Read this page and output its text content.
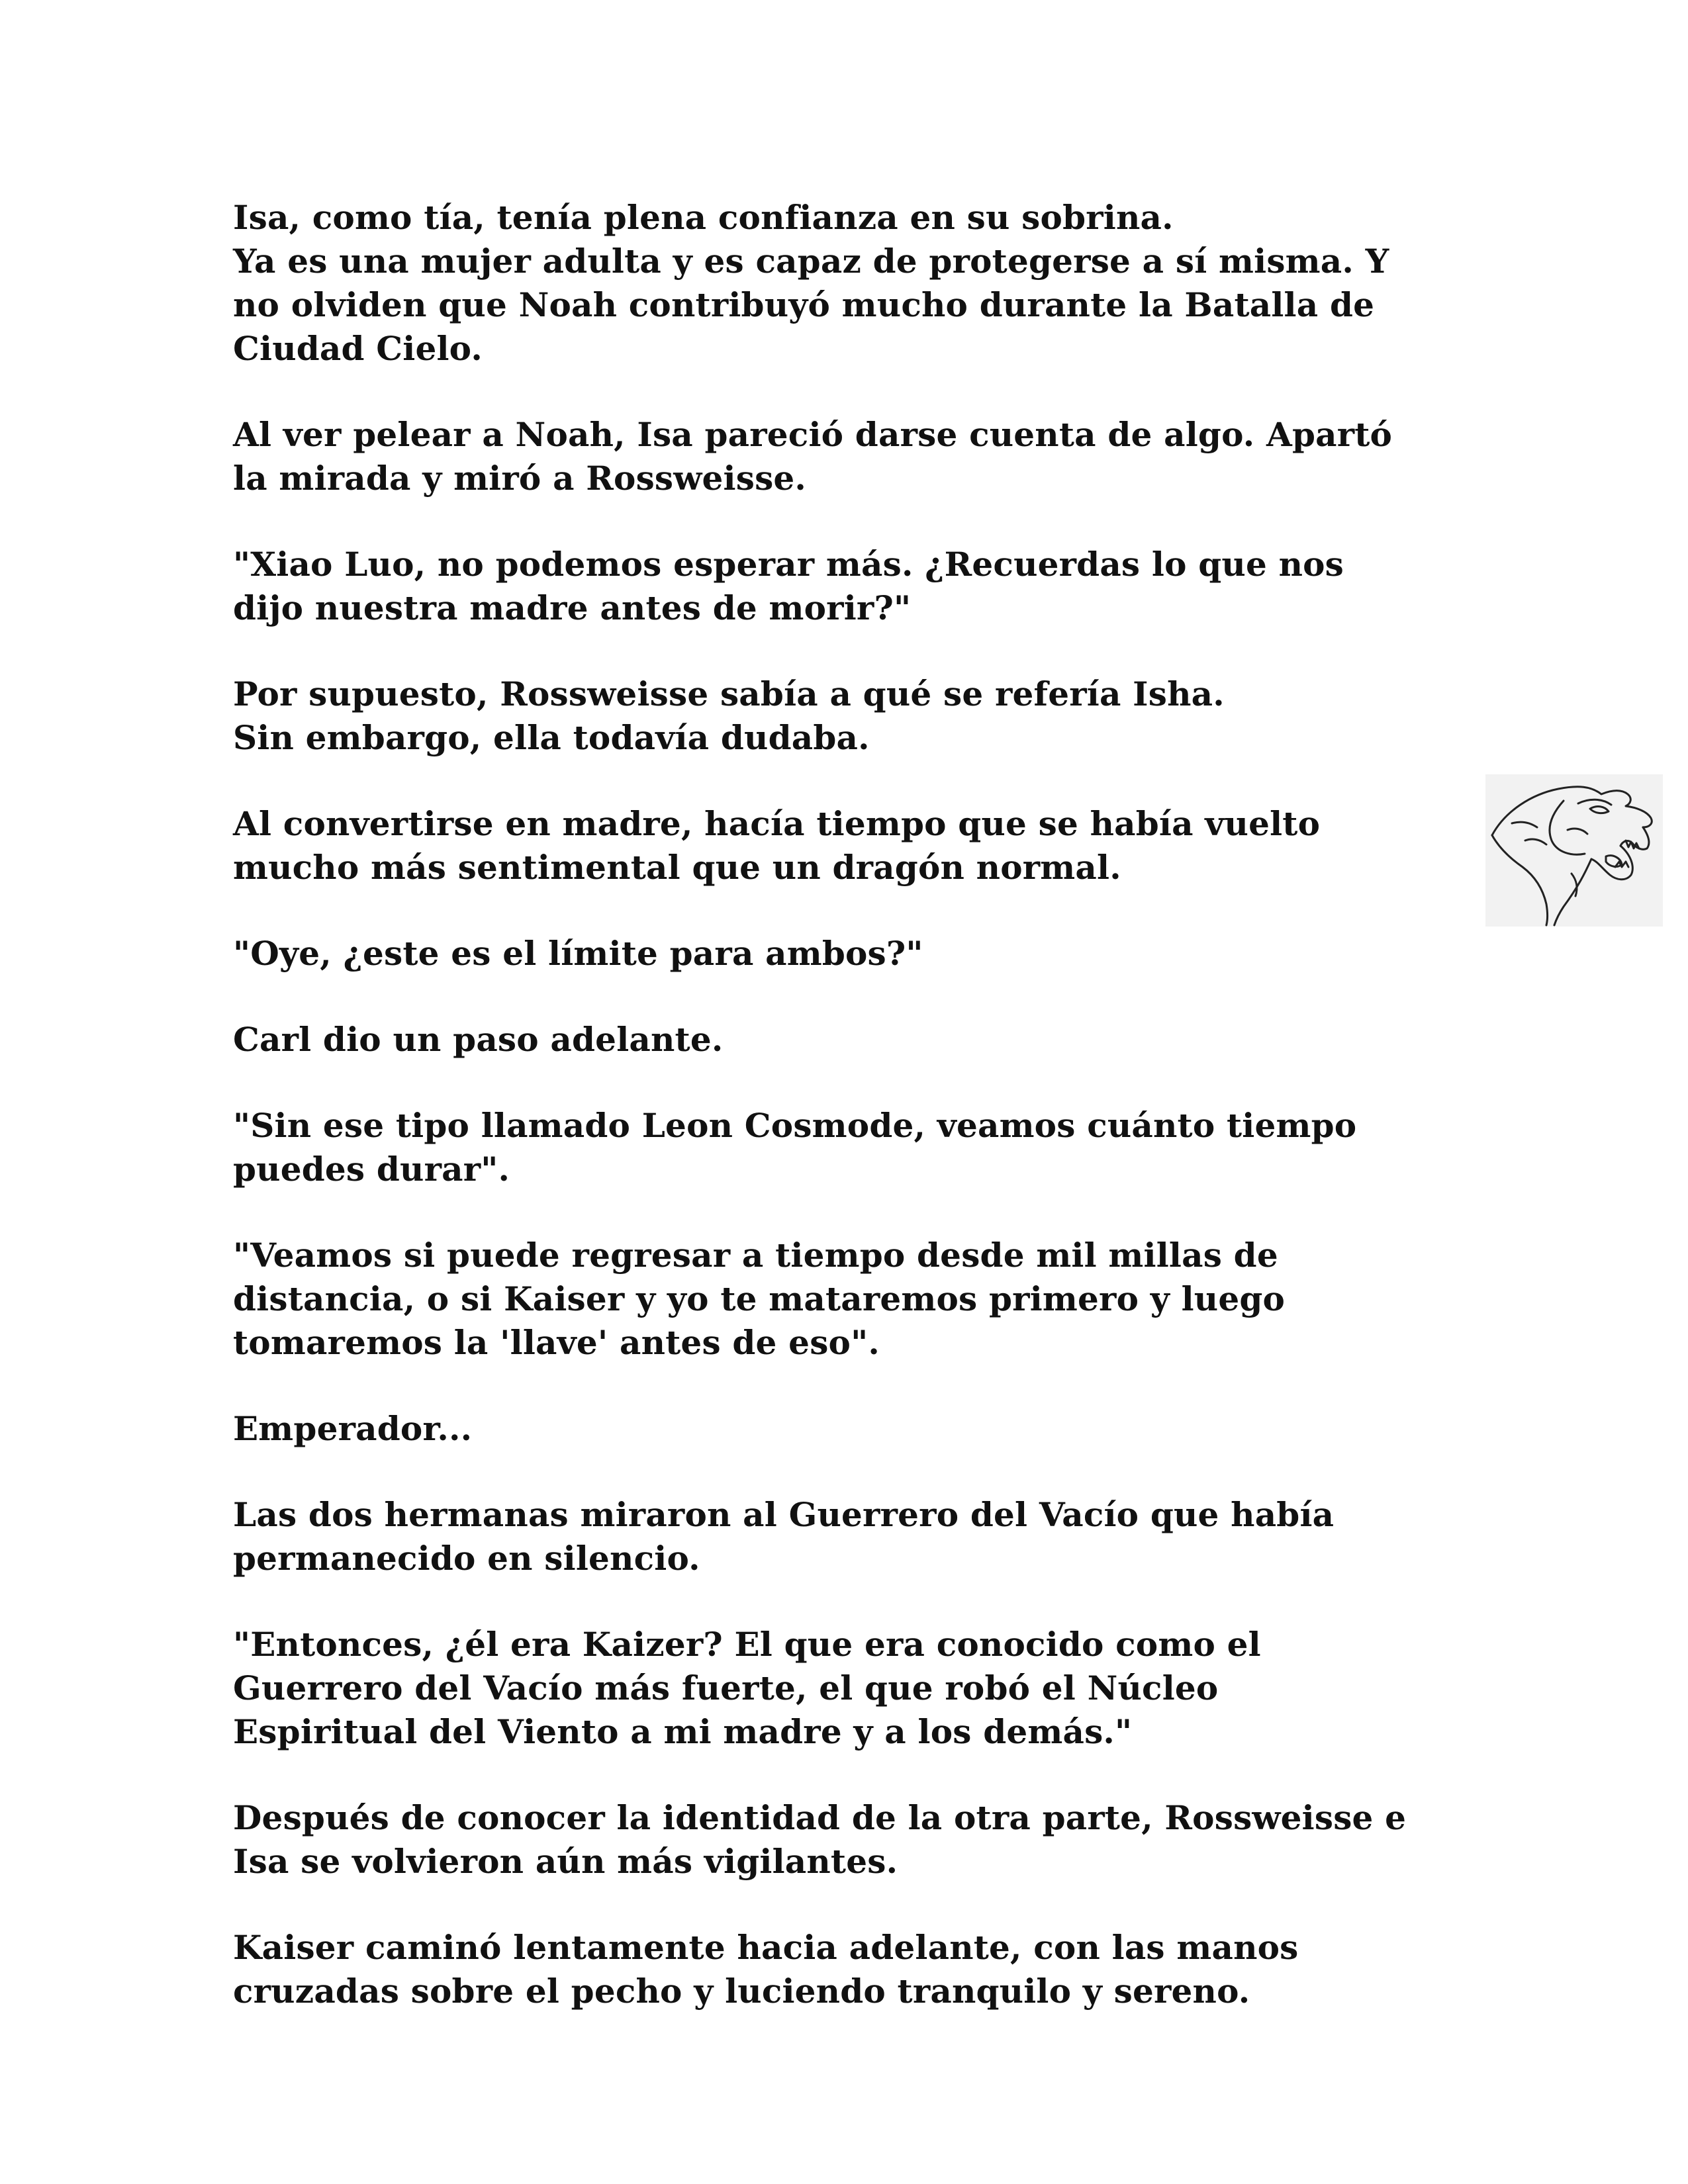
Isa, como tía, tenía plena confianza en su sobrina.
Ya es una mujer adulta y es capaz de protegerse a sí misma. Y
no olviden que Noah contribuyó mucho durante la Batalla de
Ciudad Cielo.

Al ver pelear a Noah, Isa pareció darse cuenta de algo. Apartó
la mirada y miró a Rossweisse.

"Xiao Luo, no podemos esperar más. ¿Recuerdas lo que nos
dijo nuestra madre antes de morir?"

Por supuesto, Rossweisse sabía a qué se refería Isha.
Sin embargo, ella todavía dudaba.

Al convertirse en madre, hacía tiempo que se había vuelto
mucho más sentimental que un dragón normal.

"Oye, ¿este es el límite para ambos?"

Carl dio un paso adelante.

"Sin ese tipo llamado Leon Cosmode, veamos cuánto tiempo
puedes durar".

"Veamos si puede regresar a tiempo desde mil millas de
distancia, o si Kaiser y yo te mataremos primero y luego
tomaremos la 'llave' antes de eso".

Emperador...

Las dos hermanas miraron al Guerrero del Vacío que había
permanecido en silencio.

"Entonces, ¿él era Kaizer? El que era conocido como el
Guerrero del Vacío más fuerte, el que robó el Núcleo
Espiritual del Viento a mi madre y a los demás."

Después de conocer la identidad de la otra parte, Rossweisse e
Isa se volvieron aún más vigilantes.

Kaiser caminó lentamente hacia adelante, con las manos
cruzadas sobre el pecho y luciendo tranquilo y sereno.
